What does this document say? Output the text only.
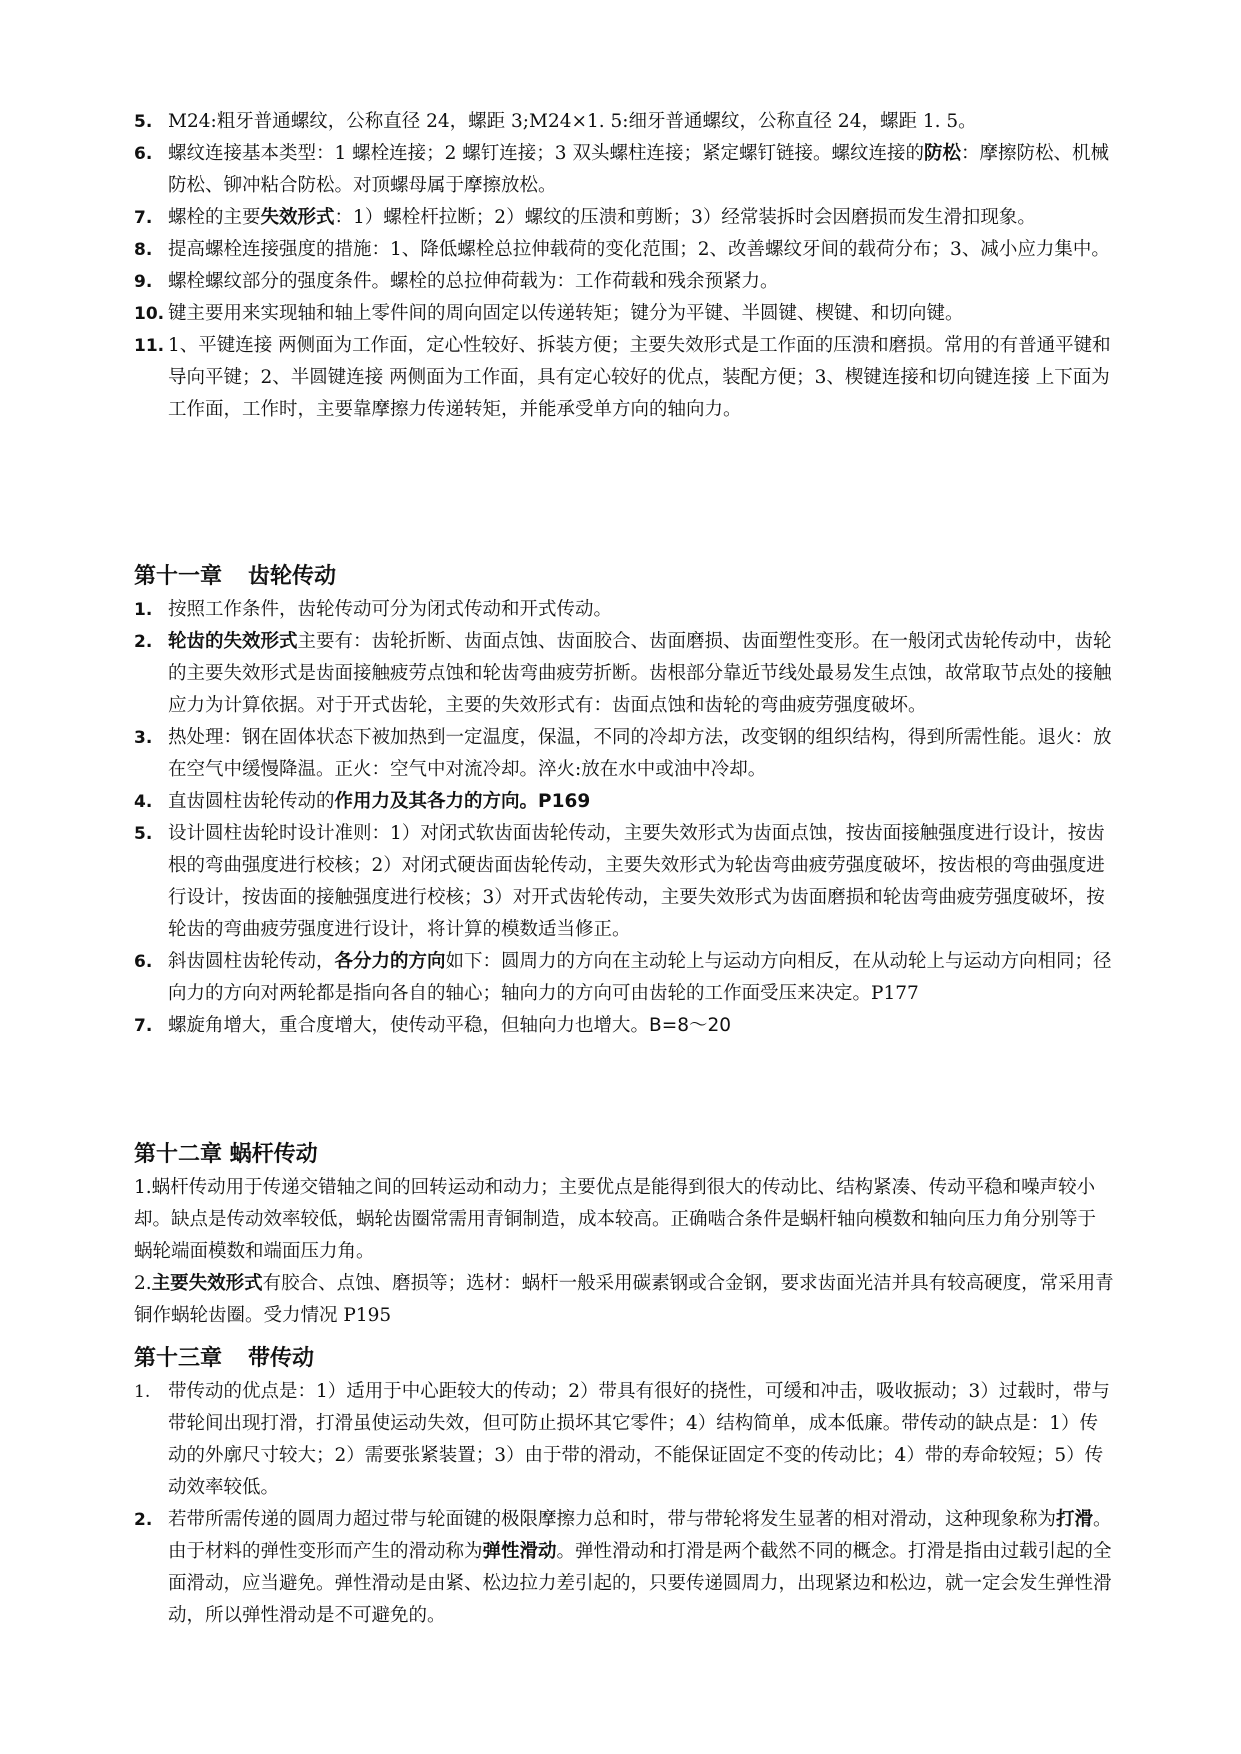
5. M24:粗牙普通螺纹，公称直径 24，螺距 3;M24×1. 5:细牙普通螺纹，公称直径 24，螺距 1. 5。

6. 螺纹连接基本类型：1 螺栓连接；2 螺钉连接；3 双头螺柱连接；紧定螺钉链接。螺纹连接的防松：摩擦防松、机械防松、铆冲粘合防松。对顶螺母属于摩擦放松。

7. 螺栓的主要失效形式：1）螺栓杆拉断；2）螺纹的压溃和剪断；3）经常装拆时会因磨损而发生滑扣现象。

8. 提高螺栓连接强度的措施：1、降低螺栓总拉伸载荷的变化范围；2、改善螺纹牙间的载荷分布；3、减小应力集中。

9. 螺栓螺纹部分的强度条件。螺栓的总拉伸荷载为：工作荷载和残余预紧力。

10. 键主要用来实现轴和轴上零件间的周向固定以传递转矩；键分为平键、半圆键、楔键、和切向键。

11. 1、平键连接 两侧面为工作面，定心性较好、拆装方便；主要失效形式是工作面的压溃和磨损。常用的有普通平键和导向平键；2、半圆键连接 两侧面为工作面，具有定心较好的优点，装配方便；3、楔键连接和切向键连接 上下面为工作面，工作时，主要靠摩擦力传递转矩，并能承受单方向的轴向力。

第十一章 齿轮传动

1. 按照工作条件，齿轮传动可分为闭式传动和开式传动。

2. 轮齿的失效形式主要有：齿轮折断、齿面点蚀、齿面胶合、齿面磨损、齿面塑性变形。在一般闭式齿轮传动中，齿轮的主要失效形式是齿面接触疲劳点蚀和轮齿弯曲疲劳折断。齿根部分靠近节线处最易发生点蚀，故常取节点处的接触应力为计算依据。对于开式齿轮，主要的失效形式有：齿面点蚀和齿轮的弯曲疲劳强度破坏。

3. 热处理：钢在固体状态下被加热到一定温度，保温，不同的冷却方法，改变钢的组织结构，得到所需性能。退火：放在空气中缓慢降温。正火：空气中对流冷却。淬火:放在水中或油中冷却。

4. 直齿圆柱齿轮传动的作用力及其各力的方向。P169

5. 设计圆柱齿轮时设计准则：1）对闭式软齿面齿轮传动，主要失效形式为齿面点蚀，按齿面接触强度进行设计，按齿根的弯曲强度进行校核；2）对闭式硬齿面齿轮传动，主要失效形式为轮齿弯曲疲劳强度破坏，按齿根的弯曲强度进行设计，按齿面的接触强度进行校核；3）对开式齿轮传动，主要失效形式为齿面磨损和轮齿弯曲疲劳强度破坏，按轮齿的弯曲疲劳强度进行设计，将计算的模数适当修正。

6. 斜齿圆柱齿轮传动，各分力的方向如下：圆周力的方向在主动轮上与运动方向相反，在从动轮上与运动方向相同；径向力的方向对两轮都是指向各自的轴心；轴向力的方向可由齿轮的工作面受压来决定。P177

7. 螺旋角增大，重合度增大，使传动平稳，但轴向力也增大。B=8～20

第十二章 蜗杆传动

1.蜗杆传动用于传递交错轴之间的回转运动和动力；主要优点是能得到很大的传动比、结构紧凑、传动平稳和噪声较小却。缺点是传动效率较低，蜗轮齿圈常需用青铜制造，成本较高。正确啮合条件是蜗杆轴向模数和轴向压力角分别等于蜗轮端面模数和端面压力角。

2.主要失效形式有胶合、点蚀、磨损等；选材：蜗杆一般采用碳素钢或合金钢，要求齿面光洁并具有较高硬度，常采用青铜作蜗轮齿圈。受力情况 P195

第十三章 带传动

1. 带传动的优点是：1）适用于中心距较大的传动；2）带具有很好的挠性，可缓和冲击，吸收振动；3）过载时，带与带轮间出现打滑，打滑虽使运动失效，但可防止损坏其它零件；4）结构简单，成本低廉。带传动的缺点是：1）传动的外廓尺寸较大；2）需要张紧装置；3）由于带的滑动，不能保证固定不变的传动比；4）带的寿命较短；5）传动效率较低。

2. 若带所需传递的圆周力超过带与轮面键的极限摩擦力总和时，带与带轮将发生显著的相对滑动，这种现象称为打滑。由于材料的弹性变形而产生的滑动称为弹性滑动。弹性滑动和打滑是两个截然不同的概念。打滑是指由过载引起的全面滑动，应当避免。弹性滑动是由紧、松边拉力差引起的，只要传递圆周力，出现紧边和松边，就一定会发生弹性滑动，所以弹性滑动是不可避免的。
